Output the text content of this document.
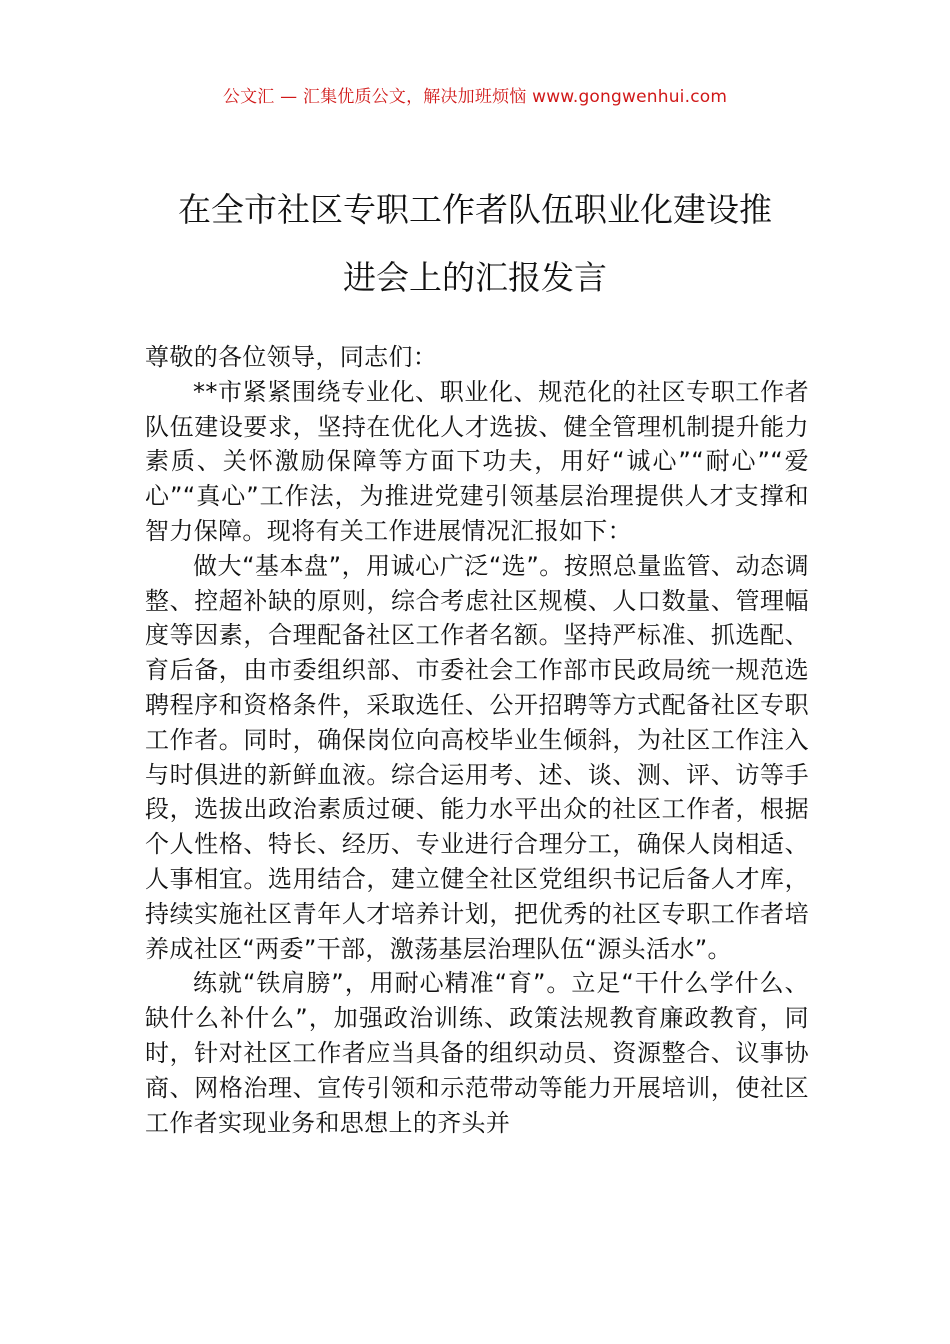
公文汇 — 汇集优质公文，解决加班烦恼 www.gongwenhui.com
在全市社区专职工作者队伍职业化建设推
进会上的汇报发言

尊敬的各位领导，同志们：

**市紧紧围绕专业化、职业化、规范化的社区专职工作者队伍建设要求，坚持在优化人才选拔、健全管理机制提升能力素质、关怀激励保障等方面下功夫，用好“诚心”“耐心”“爱心”“真心”工作法，为推进党建引领基层治理提供人才支撑和智力保障。现将有关工作进展情况汇报如下：

做大“基本盘”，用诚心广泛“选”。按照总量监管、动态调整、控超补缺的原则，综合考虑社区规模、人口数量、管理幅度等因素，合理配备社区工作者名额。坚持严标准、抓选配、育后备，由市委组织部、市委社会工作部市民政局统一规范选聘程序和资格条件，采取选任、公开招聘等方式配备社区专职工作者。同时，确保岗位向高校毕业生倾斜，为社区工作注入与时俱进的新鲜血液。综合运用考、述、谈、测、评、访等手段，选拔出政治素质过硬、能力水平出众的社区工作者，根据个人性格、特长、经历、专业进行合理分工，确保人岗相适、人事相宜。选用结合，建立健全社区党组织书记后备人才库，持续实施社区青年人才培养计划，把优秀的社区专职工作者培养成社区“两委”干部，激荡基层治理队伍“源头活水”。

练就“铁肩膀”，用耐心精准“育”。立足“干什么学什么、缺什么补什么”，加强政治训练、政策法规教育廉政教育，同时，针对社区工作者应当具备的组织动员、资源整合、议事协商、网格治理、宣传引领和示范带动等能力开展培训，使社区工作者实现业务和思想上的齐头并
